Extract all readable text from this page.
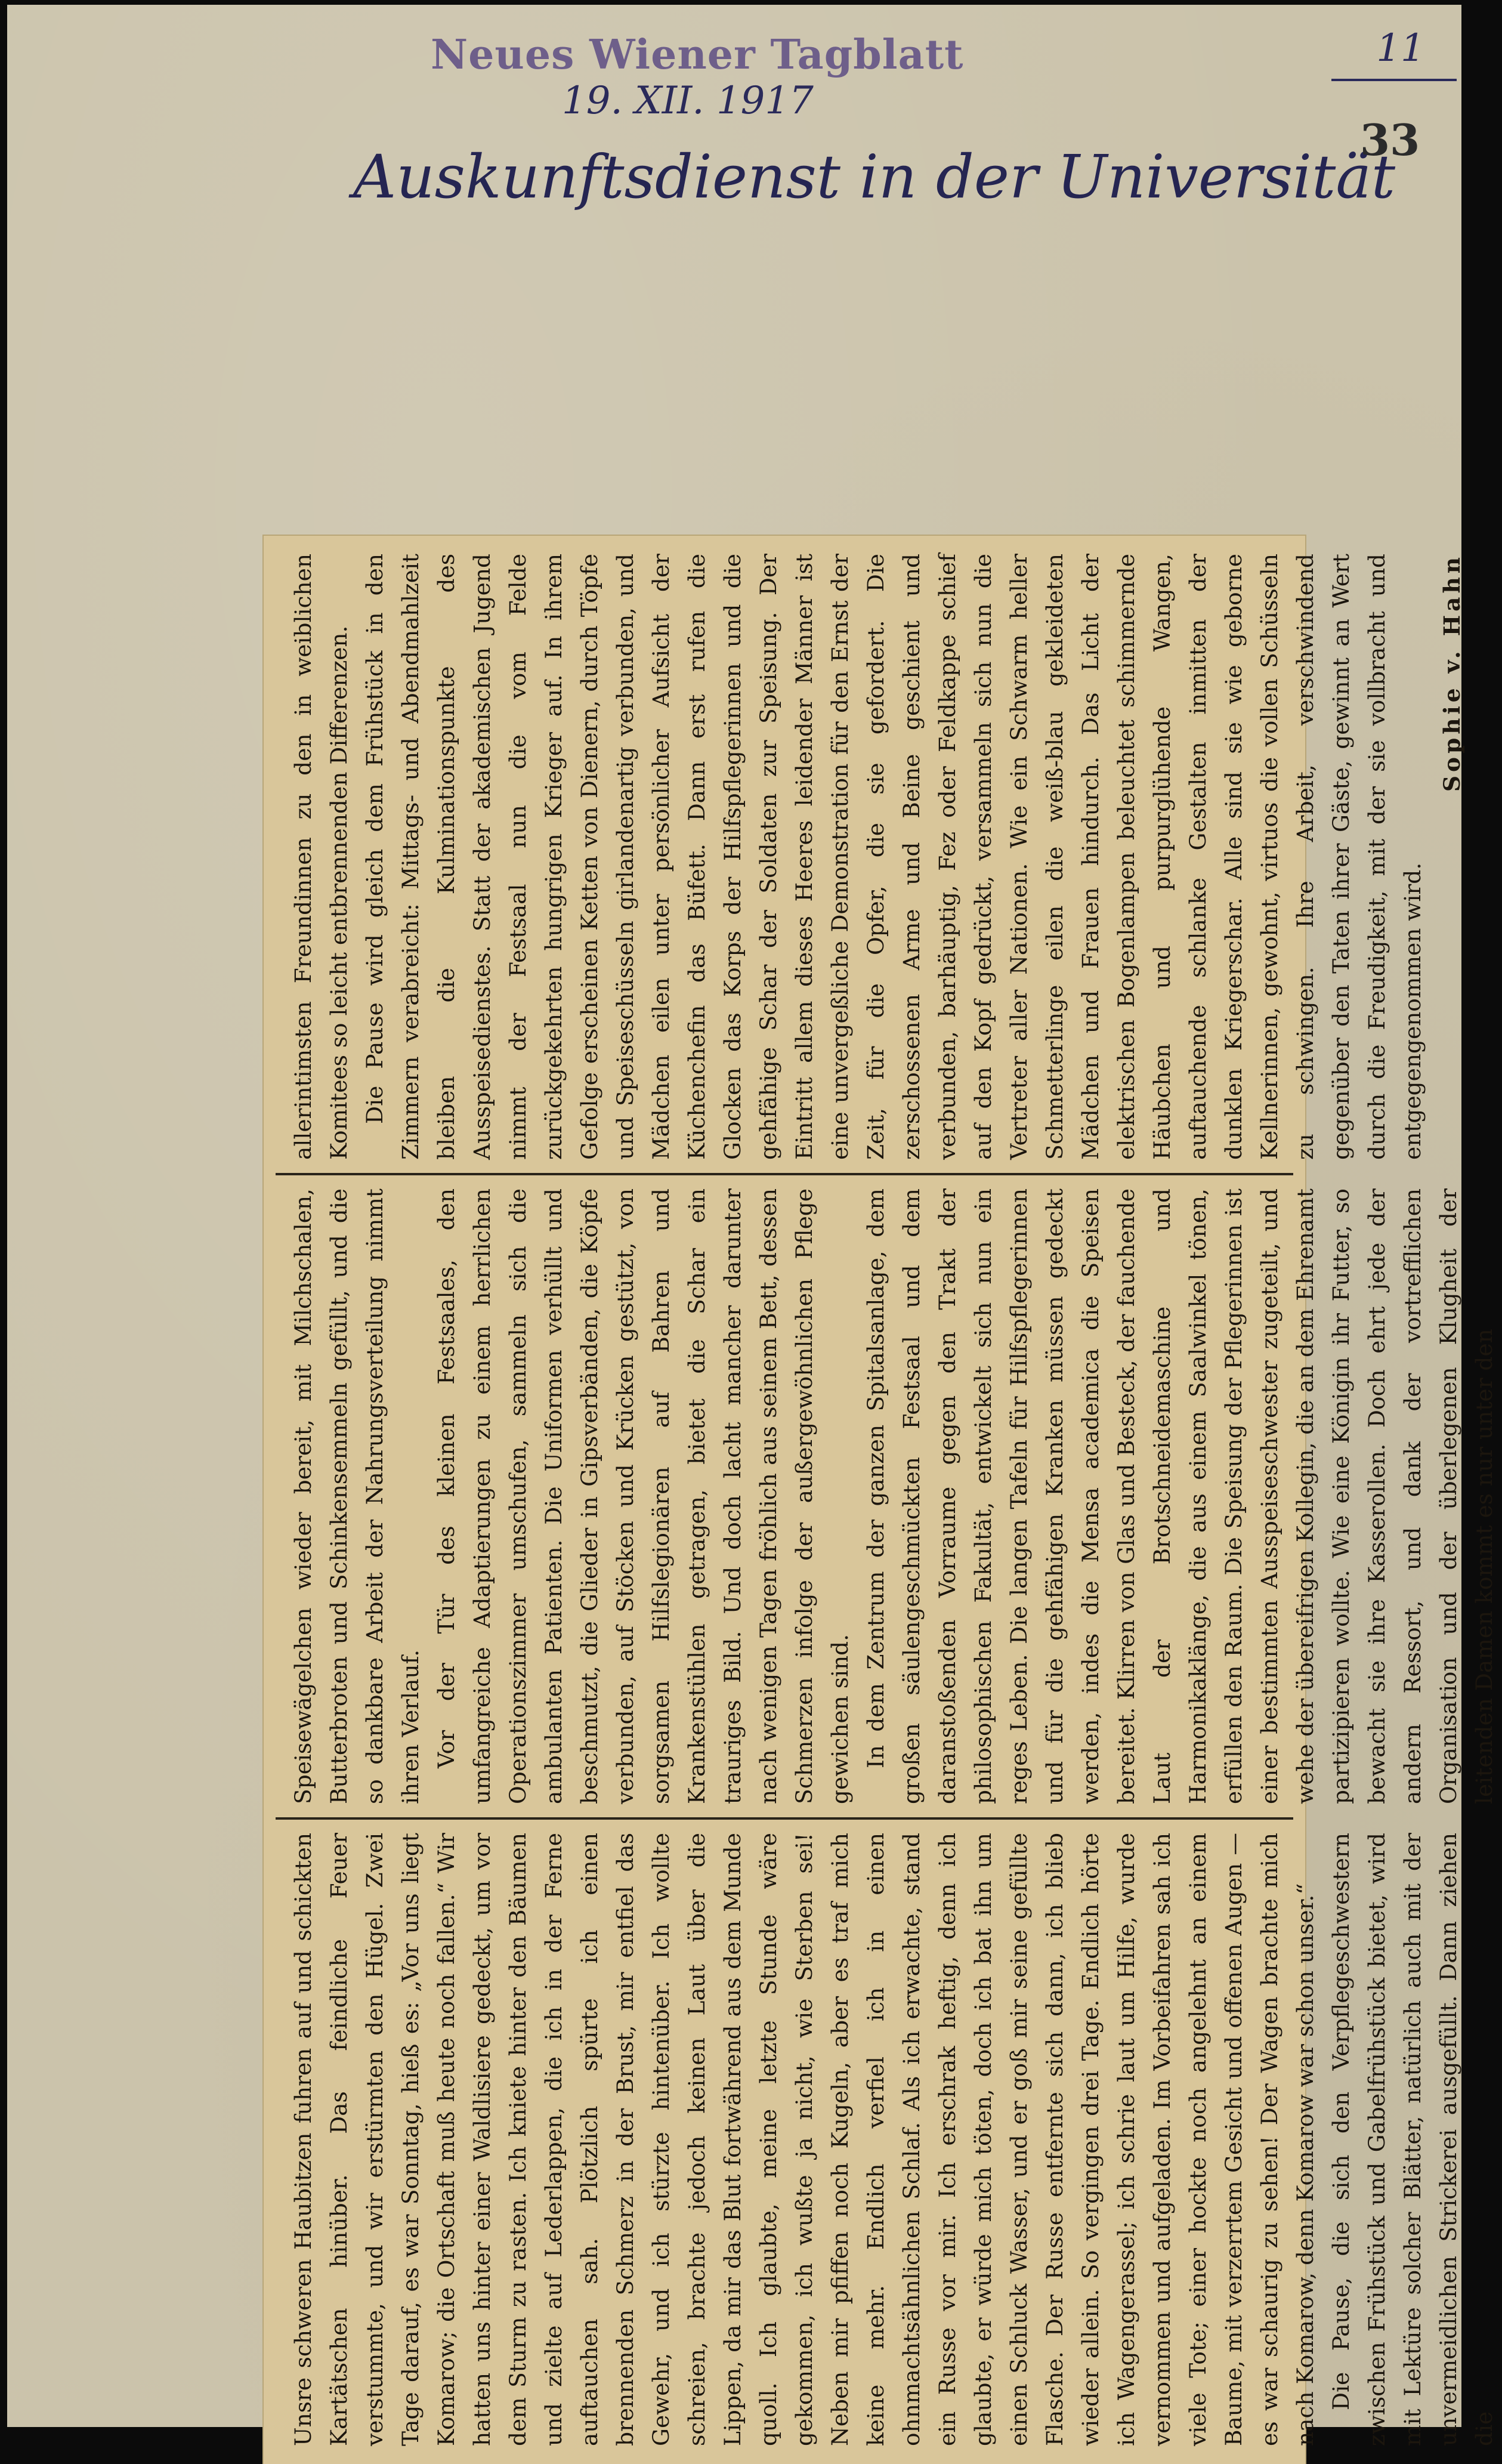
Neues Wiener Tagblatt
19. XII. 1917
Auskunftsdienst in der Universität
11
33

Unsre schweren Haubitzen fuhren auf und schickten Kartätschen hinüber. Das feindliche Feuer verstummte, und wir erstürmten den Hügel. Zwei Tage darauf, es war Sonntag, hieß es: „Vor uns liegt Komarow; die Ortschaft muß heute noch fallen.“ Wir hatten uns hinter einer Waldlisiere gedeckt, um vor dem Sturm zu rasten. Ich kniete hinter den Bäumen und zielte auf Lederlappen, die ich in der Ferne auftauchen sah. Plötzlich spürte ich einen brennenden Schmerz in der Brust, mir entfiel das Gewehr, und ich stürzte hintenüber. Ich wollte schreien, brachte jedoch keinen Laut über die Lippen, da mir das Blut fortwährend aus dem Munde quoll. Ich glaubte, meine letzte Stunde wäre gekommen, ich wußte ja nicht, wie Sterben sei! Neben mir pfiffen noch Kugeln, aber es traf mich keine mehr. Endlich verfiel ich in einen ohnmachtsähnlichen Schlaf. Als ich erwachte, stand ein Russe vor mir. Ich erschrak heftig, denn ich glaubte, er würde mich töten, doch ich bat ihn um einen Schluck Wasser, und er goß mir seine gefüllte Flasche. Der Russe entfernte sich dann, ich blieb wieder allein. So vergingen drei Tage. Endlich hörte ich Wagengerassel; ich schrie laut um Hilfe, wurde vernommen und aufgeladen. Im Vorbeifahren sah ich viele Tote; einer hockte noch angelehnt an einem Baume, mit verzerrtem Gesicht und offenen Augen — es war schaurig zu sehen! Der Wagen brachte mich nach Komarow, denn Komarow war schon unser.“ Die Pause, die sich den Verpflegeschwestern zwischen Frühstück und Gabelfrühstück bietet, wird mit Lektüre solcher Blätter, natürlich auch mit der unvermeidlichen Strickerei ausgefüllt. Dann ziehen die

Speisewägelchen wieder bereit, mit Milchschalen, Butterbroten und Schinkensemmeln gefüllt, und die so dankbare Arbeit der Nahrungsverteilung nimmt ihren Verlauf. Vor der Tür des kleinen Festsaales, den umfangreiche Adaptierungen zu einem herrlichen Operationszimmer umschufen, sammeln sich die ambulanten Patienten. Die Uniformen verhüllt und beschmutzt, die Glieder in Gipsverbänden, die Köpfe verbunden, auf Stöcken und Krücken gestützt, von sorgsamen Hilfslegionären auf Bahren und Krankenstühlen getragen, bietet die Schar ein trauriges Bild. Und doch lacht mancher darunter nach wenigen Tagen fröhlich aus seinem Bett, dessen Schmerzen infolge der außergewöhnlichen Pflege gewichen sind. In dem Zentrum der ganzen Spitalsanlage, dem großen säulengeschmückten Festsaal und dem daranstoßenden Vorraume gegen den Trakt der philosophischen Fakultät, entwickelt sich nun ein reges Leben. Die langen Tafeln für Hilfspflegerinnen und für die gehfähigen Kranken müssen gedeckt werden, indes die Mensa academica die Speisen bereitet. Klirren von Glas und Besteck, der fauchende Laut der Brotschneidemaschine und Harmonikaklänge, die aus einem Saalwinkel tönen, erfüllen den Raum. Die Speisung der Pflegerinnen ist einer bestimmten Ausspeiseschwester zugeteilt, und wehe der übereifrigen Kollegin, die an dem Ehrenamt partizipieren wollte. Wie eine Königin ihr Futter, so bewacht sie ihre Kasserollen. Doch ehrt jede der andern Ressort, und dank der vortrefflichen Organisation und der überlegenen Klugheit der leitenden Damen kommt es nur unter den

allerintimsten Freundinnen zu den in weiblichen Komitees so leicht entbrennenden Differenzen. Die Pause wird gleich dem Frühstück in den Zimmern verabreicht: Mittags- und Abendmahlzeit bleiben die Kulminationspunkte des Ausspeisedienstes. Statt der akademischen Jugend nimmt der Festsaal nun die vom Felde zurückgekehrten hungrigen Krieger auf. In ihrem Gefolge erscheinen Ketten von Dienern, durch Töpfe und Speiseschüsseln girlandenartig verbunden, und Mädchen eilen unter persönlicher Aufsicht der Küchenchefin das Büfett. Dann erst rufen die Glocken das Korps der Hilfspflegerinnen und die gehfähige Schar der Soldaten zur Speisung. Der Eintritt allem dieses Heeres leidender Männer ist eine unvergeßliche Demonstration für den Ernst der Zeit, für die Opfer, die sie gefordert. Die zerschossenen Arme und Beine geschient und verbunden, barhäuptig, Fez oder Feldkappe schief auf den Kopf gedrückt, versammeln sich nun die Vertreter aller Nationen. Wie ein Schwarm heller Schmetterlinge eilen die weiß-blau gekleideten Mädchen und Frauen hindurch. Das Licht der elektrischen Bogenlampen beleuchtet schimmernde Häubchen und purpurglühende Wangen, auftauchende schlanke Gestalten inmitten der dunklen Kriegerschar. Alle sind sie wie geborne Kellnerinnen, gewohnt, virtuos die vollen Schüsseln zu schwingen. Ihre Arbeit, verschwindend gegenüber den Taten ihrer Gäste, gewinnt an Wert durch die Freudigkeit, mit der sie vollbracht und entgegengenommen wird.

Sophie v. Hahn
